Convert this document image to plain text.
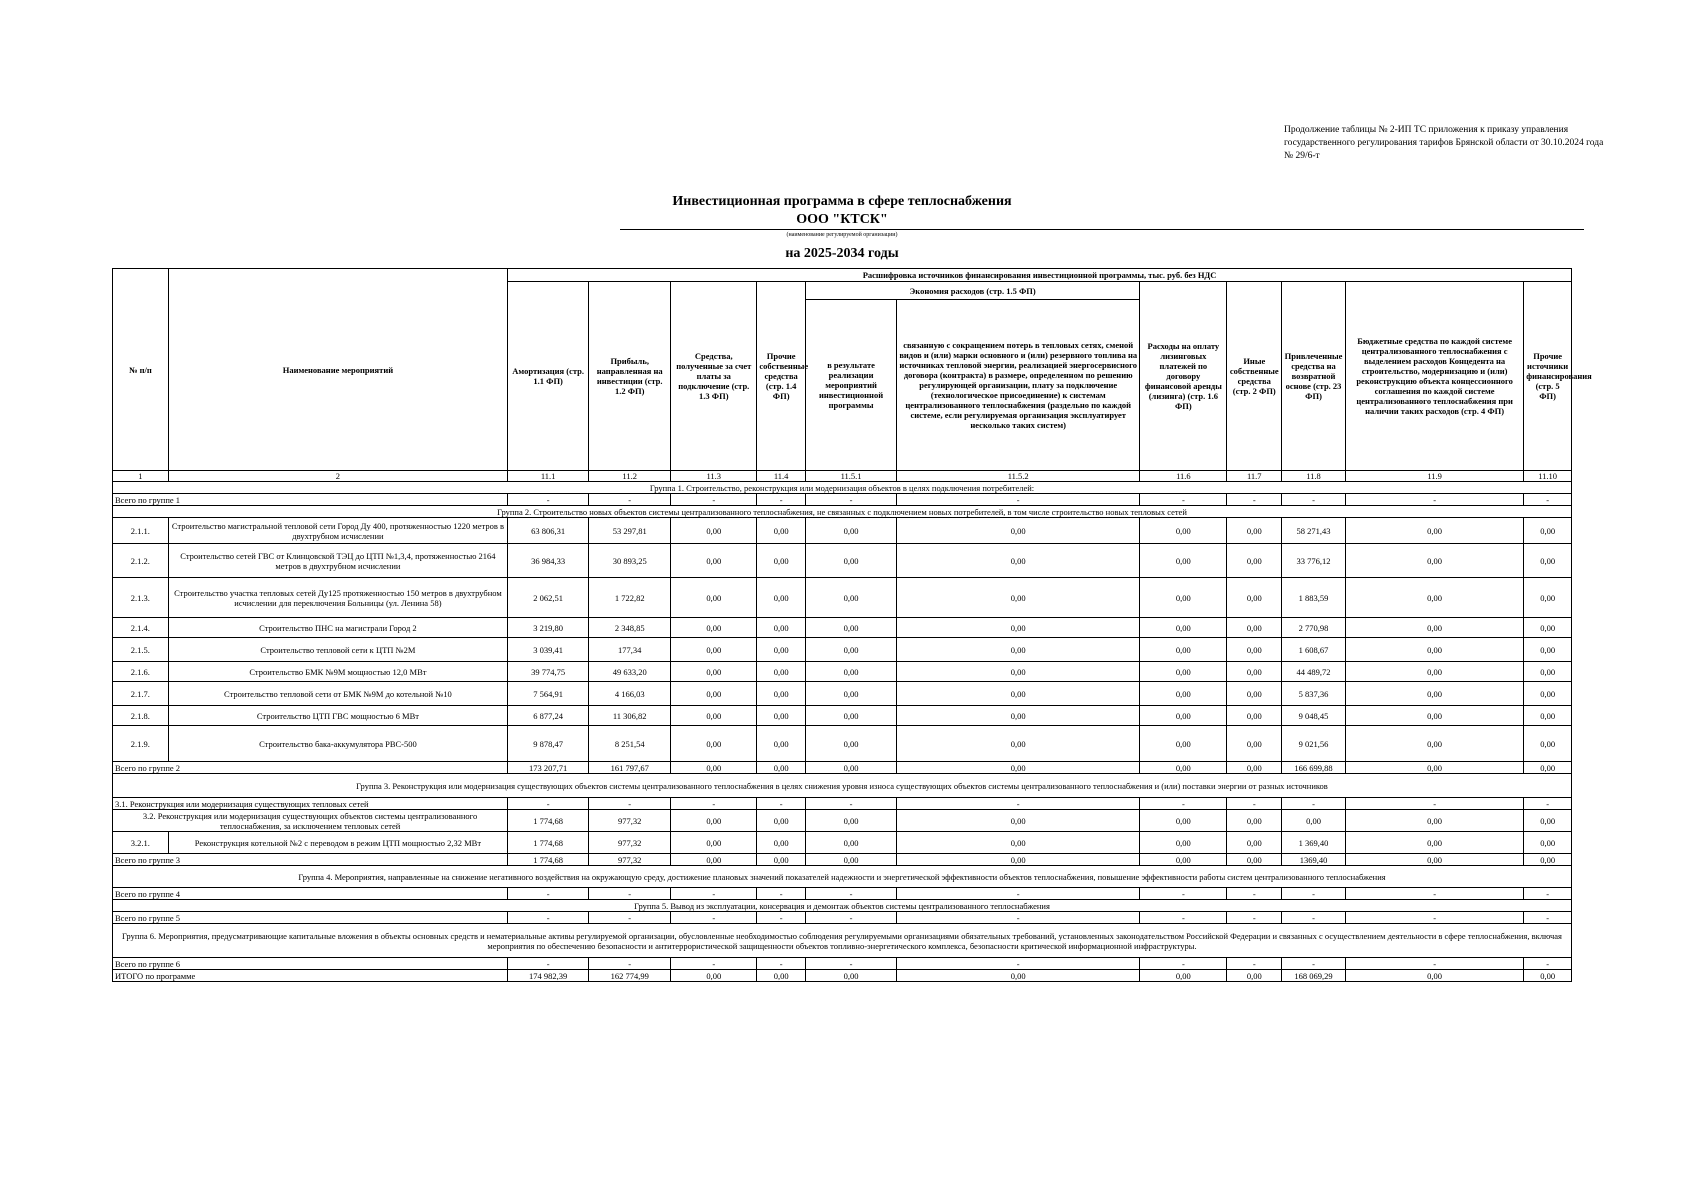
Продолжение таблицы № 2-ИП ТС приложения к приказу управления государственного регулирования тарифов Брянской области от 30.10.2024 года № 29/6-т
Инвестиционная программа в сфере теплоснабжения
ООО "КТСК"
(наименование регулируемой организации)
на 2025-2034 годы
№ п/п	Наименование мероприятий	Расшифровка источников финансирования инвестиционной программы, тыс. руб. без НДС										
		Амортизация (стр. 1.1 ФП)	Прибыль, направленная на инвестиции (стр. 1.2 ФП)	Средства, полученные за счет платы за подключение (стр. 1.3 ФП)	Прочие собственные средства (стр. 1.4 ФП)	Экономия расходов (стр. 1.5 ФП)		Расходы на оплату лизинговых платежей по договору финансовой аренды (лизинга) (стр. 1.6 ФП)	Иные собственные средства (стр. 2 ФП)	Привлеченные средства на возвратной основе (стр. 23 ФП)	Бюджетные средства по каждой системе централизованного теплоснабжения с выделением расходов Концедента на строительство, модернизацию и (или) реконструкцию объекта концессионного соглашения по каждой системе централизованного теплоснабжения при наличии таких расходов (стр. 4 ФП)	Прочие источники финансирования (стр. 5 ФП)
						в результате реализации мероприятий инвестиционной программы	связанную с сокращением потерь в тепловых сетях, сменой видов и (или) марки основного и (или) резервного топлива на источниках тепловой энергии, реализацией энергосервисного договора (контракта) в размере, определенном по решению регулирующей организации, плату за подключение (технологическое присоединение) к системам централизованного теплоснабжения (раздельно по каждой системе, если регулируемая организация эксплуатирует несколько таких систем)					
1	2	11.1	11.2	11.3	11.4	11.5.1	11.5.2	11.6	11.7	11.8	11.9	11.10
Группа 1. Строительство, реконструкция или модернизация объектов в целях подключения потребителей:												
Всего по группе 1		-	-	-	-	-	-	-	-	-	-	-
Группа 2. Строительство новых объектов системы централизованного теплоснабжения, не связанных с подключением новых потребителей, в том числе строительство новых тепловых сетей												
2.1.1.	Строительство магистральной тепловой сети Город Ду 400, протяженностью 1220 метров в двухтрубном исчислении	63 806,31	53 297,81	0,00	0,00	0,00	0,00	0,00	0,00	58 271,43	0,00	0,00
2.1.2.	Строительство сетей ГВС от Клинцовской ТЭЦ до ЦТП №1,3,4, протяженностью 2164 метров в двухтрубном исчислении	36 984,33	30 893,25	0,00	0,00	0,00	0,00	0,00	0,00	33 776,12	0,00	0,00
2.1.3.	Строительство участка тепловых сетей Ду125 протяженностью 150 метров в двухтрубном исчислении для переключения Больницы (ул. Ленина 58)	2 062,51	1 722,82	0,00	0,00	0,00	0,00	0,00	0,00	1 883,59	0,00	0,00
2.1.4.	Строительство ПНС на магистрали Город 2	3 219,80	2 348,85	0,00	0,00	0,00	0,00	0,00	0,00	2 770,98	0,00	0,00
2.1.5.	Строительство тепловой сети к ЦТП №2М	3 039,41	177,34	0,00	0,00	0,00	0,00	0,00	0,00	1 608,67	0,00	0,00
2.1.6.	Строительство БМК №9М мощностью 12,0 МВт	39 774,75	49 633,20	0,00	0,00	0,00	0,00	0,00	0,00	44 489,72	0,00	0,00
2.1.7.	Строительство тепловой сети от БМК №9М до котельной №10	7 564,91	4 166,03	0,00	0,00	0,00	0,00	0,00	0,00	5 837,36	0,00	0,00
2.1.8.	Строительство ЦТП ГВС мощностью 6 МВт	6 877,24	11 306,82	0,00	0,00	0,00	0,00	0,00	0,00	9 048,45	0,00	0,00
2.1.9.	Строительство бака-аккумулятора РВС-500	9 878,47	8 251,54	0,00	0,00	0,00	0,00	0,00	0,00	9 021,56	0,00	0,00
Всего по группе 2		173 207,71	161 797,67	0,00	0,00	0,00	0,00	0,00	0,00	166 699,88	0,00	0,00
Группа 3. Реконструкция или модернизация существующих объектов системы централизованного теплоснабжения в целях снижения уровня износа существующих объектов системы централизованного теплоснабжения и (или) поставки энергии от разных источников												
3.1. Реконструкция или модернизация существующих тепловых сетей		-	-	-	-	-	-	-	-	-	-	-
3.2. Реконструкция или модернизация существующих объектов системы централизованного теплоснабжения, за исключением тепловых сетей		1 774,68	977,32	0,00	0,00	0,00	0,00	0,00	0,00	0,00	0,00	0,00
3.2.1.	Реконструкция котельной №2 с переводом в режим ЦТП мощностью 2,32 МВт	1 774,68	977,32	0,00	0,00	0,00	0,00	0,00	0,00	1 369,40	0,00	0,00
Всего по группе 3		1 774,68	977,32	0,00	0,00	0,00	0,00	0,00	0,00	1369,40	0,00	0,00
Группа 4. Мероприятия, направленные на снижение негативного воздействия на окружающую среду, достижение плановых значений показателей надежности и энергетической эффективности объектов теплоснабжения, повышение эффективности работы систем централизованного теплоснабжения												
Всего по группе 4		-	-	-	-	-	-	-	-	-	-	-
Группа 5. Вывод из эксплуатации, консервация и демонтаж объектов системы централизованного теплоснабжения												
Всего по группе 5		-	-	-	-	-	-	-	-	-	-	-
Группа 6. Мероприятия, предусматривающие капитальные вложения в объекты основных средств и нематериальные активы регулируемой организации, обусловленные необходимостью соблюдения регулируемыми организациями обязательных требований, установленных законодательством Российской Федерации и связанных с осуществлением деятельности в сфере теплоснабжения, включая мероприятия по обеспечению безопасности и антитеррористической защищенности объектов топливно-энергетического комплекса, безопасности критической информационной инфраструктуры.												
Всего по группе 6		-	-	-	-	-	-	-	-	-	-	-
ИТОГО по программе		174 982,39	162 774,99	0,00	0,00	0,00	0,00	0,00	0,00	168 069,29	0,00	0,00
